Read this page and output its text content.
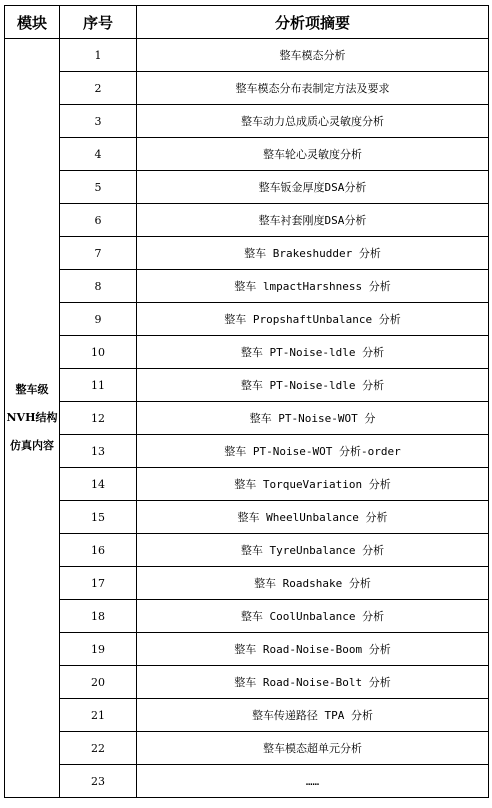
模块	序号	分析项摘要

整车级
NVH结构
仿真内容	1	整车模态分析
	2	整车模态分布表制定方法及要求
	3	整车动力总成质心灵敏度分析
	4	整车轮心灵敏度分析
	5	整车钣金厚度DSA分析
	6	整车衬套刚度DSA分析
	7	整车 Brakeshudder 分析
	8	整车 lmpactHarshness 分析
	9	整车 PropshaftUnbalance 分析
	10	整车 PT-Noise-ldle 分析
	11	整车 PT-Noise-ldle 分析
	12	整车 PT-Noise-WOT 分
	13	整车 PT-Noise-WOT 分析-order
	14	整车 TorqueVariation 分析
	15	整车 WheelUnbalance 分析
	16	整车 TyreUnbalance 分析
	17	整车 Roadshake 分析
	18	整车 CoolUnbalance 分析
	19	整车 Road-Noise-Boom 分析
	20	整车 Road-Noise-Bolt 分析
	21	整车传递路径 TPA 分析
	22	整车模态超单元分析
	23	……
